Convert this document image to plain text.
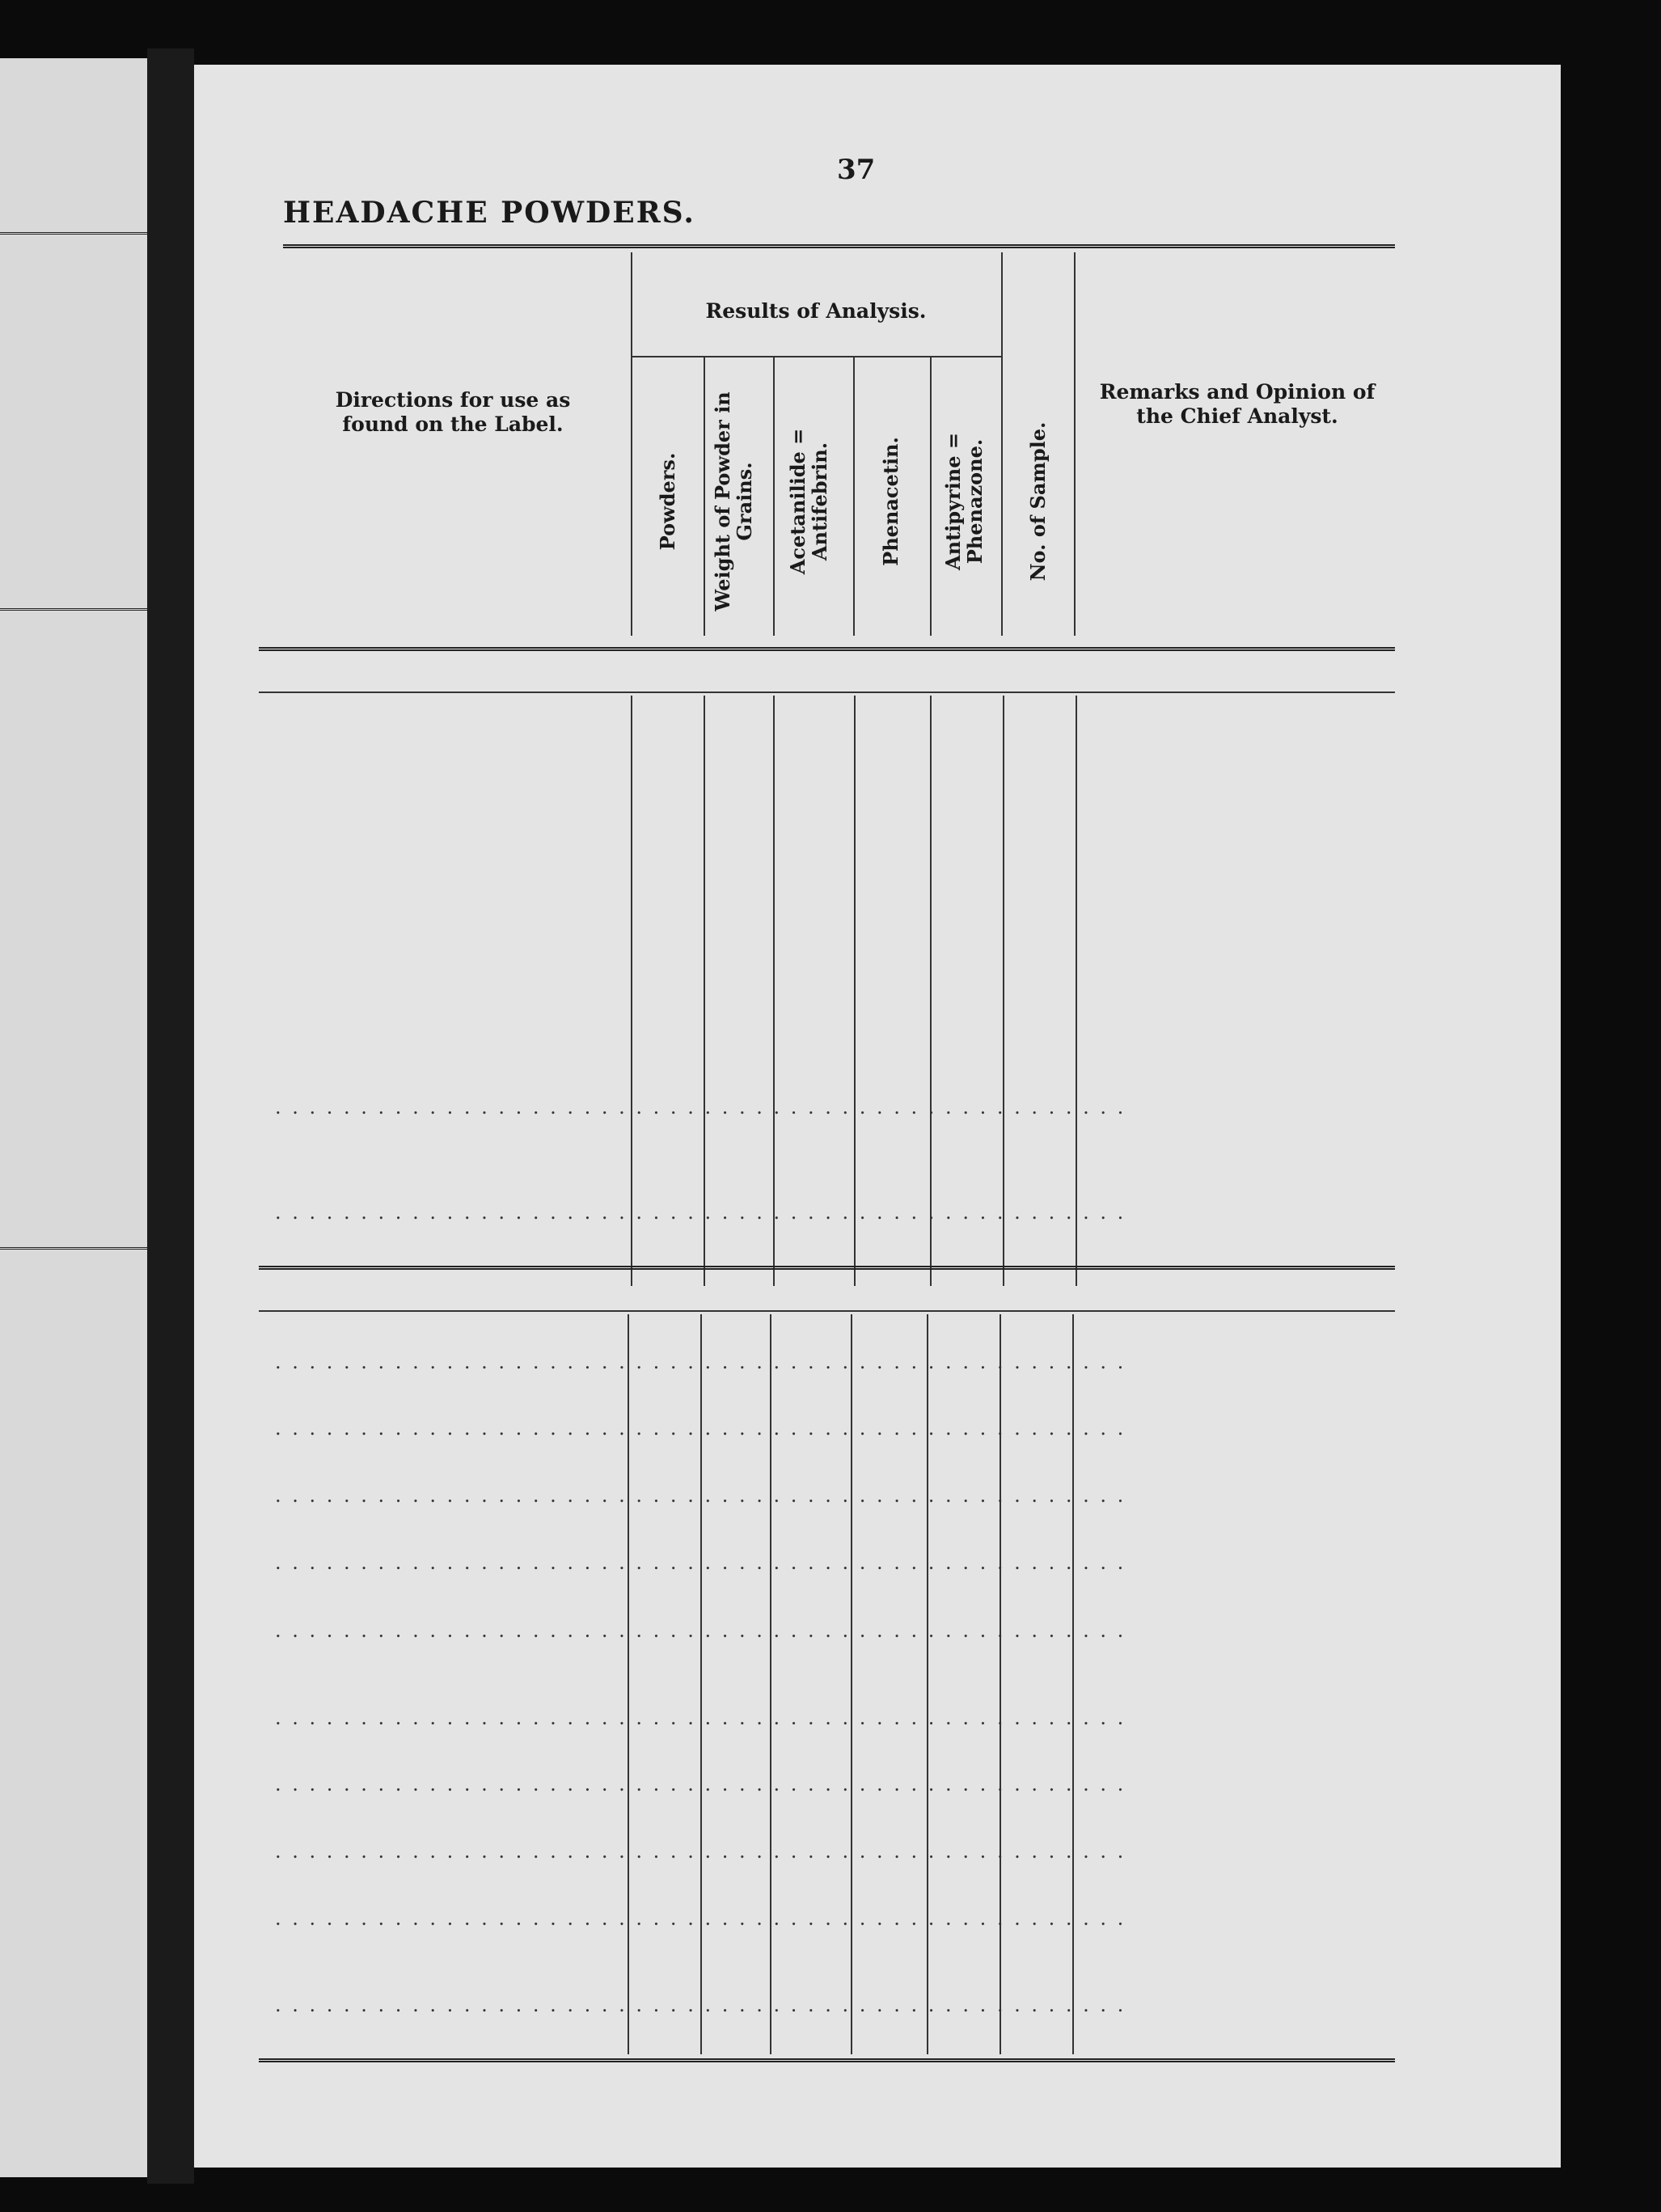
37
HEADACHE POWDERS.
Directions for use as found on the Label.
Results of Analysis.
Remarks and Opinion of the Chief Analyst.
Powders. Weight of Powder in Grains. Acetanilide = Antifebrin. Phenacetin. Antipyrine = Phenazone. No. of Sample.
. . . . . . . . . . . . . . . . . . . . . . . . . . . . . . . . . . . . . . . . . . . . . . . . . .
. . . . . . . . . . . . . . . . . . . . . . . . . . . . . . . . . . . . . . . . . . . . . . . . . .
. . . . . . . . . . . . . . . . . . . . . . . . . . . . . . . . . . . . . . . . . . . . . . . . . .
. . . . . . . . . . . . . . . . . . . . . . . . . . . . . . . . . . . . . . . . . . . . . . . . . .
. . . . . . . . . . . . . . . . . . . . . . . . . . . . . . . . . . . . . . . . . . . . . . . . . .
. . . . . . . . . . . . . . . . . . . . . . . . . . . . . . . . . . . . . . . . . . . . . . . . . .
. . . . . . . . . . . . . . . . . . . . . . . . . . . . . . . . . . . . . . . . . . . . . . . . . .
. . . . . . . . . . . . . . . . . . . . . . . . . . . . . . . . . . . . . . . . . . . . . . . . . .
. . . . . . . . . . . . . . . . . . . . . . . . . . . . . . . . . . . . . . . . . . . . . . . . . .
. . . . . . . . . . . . . . . . . . . . . . . . . . . . . . . . . . . . . . . . . . . . . . . . . .
. . . . . . . . . . . . . . . . . . . . . . . . . . . . . . . . . . . . . . . . . . . . . . . . . .
. . . . . . . . . . . . . . . . . . . . . . . . . . . . . . . . . . . . . . . . . . . . . . . . . .
